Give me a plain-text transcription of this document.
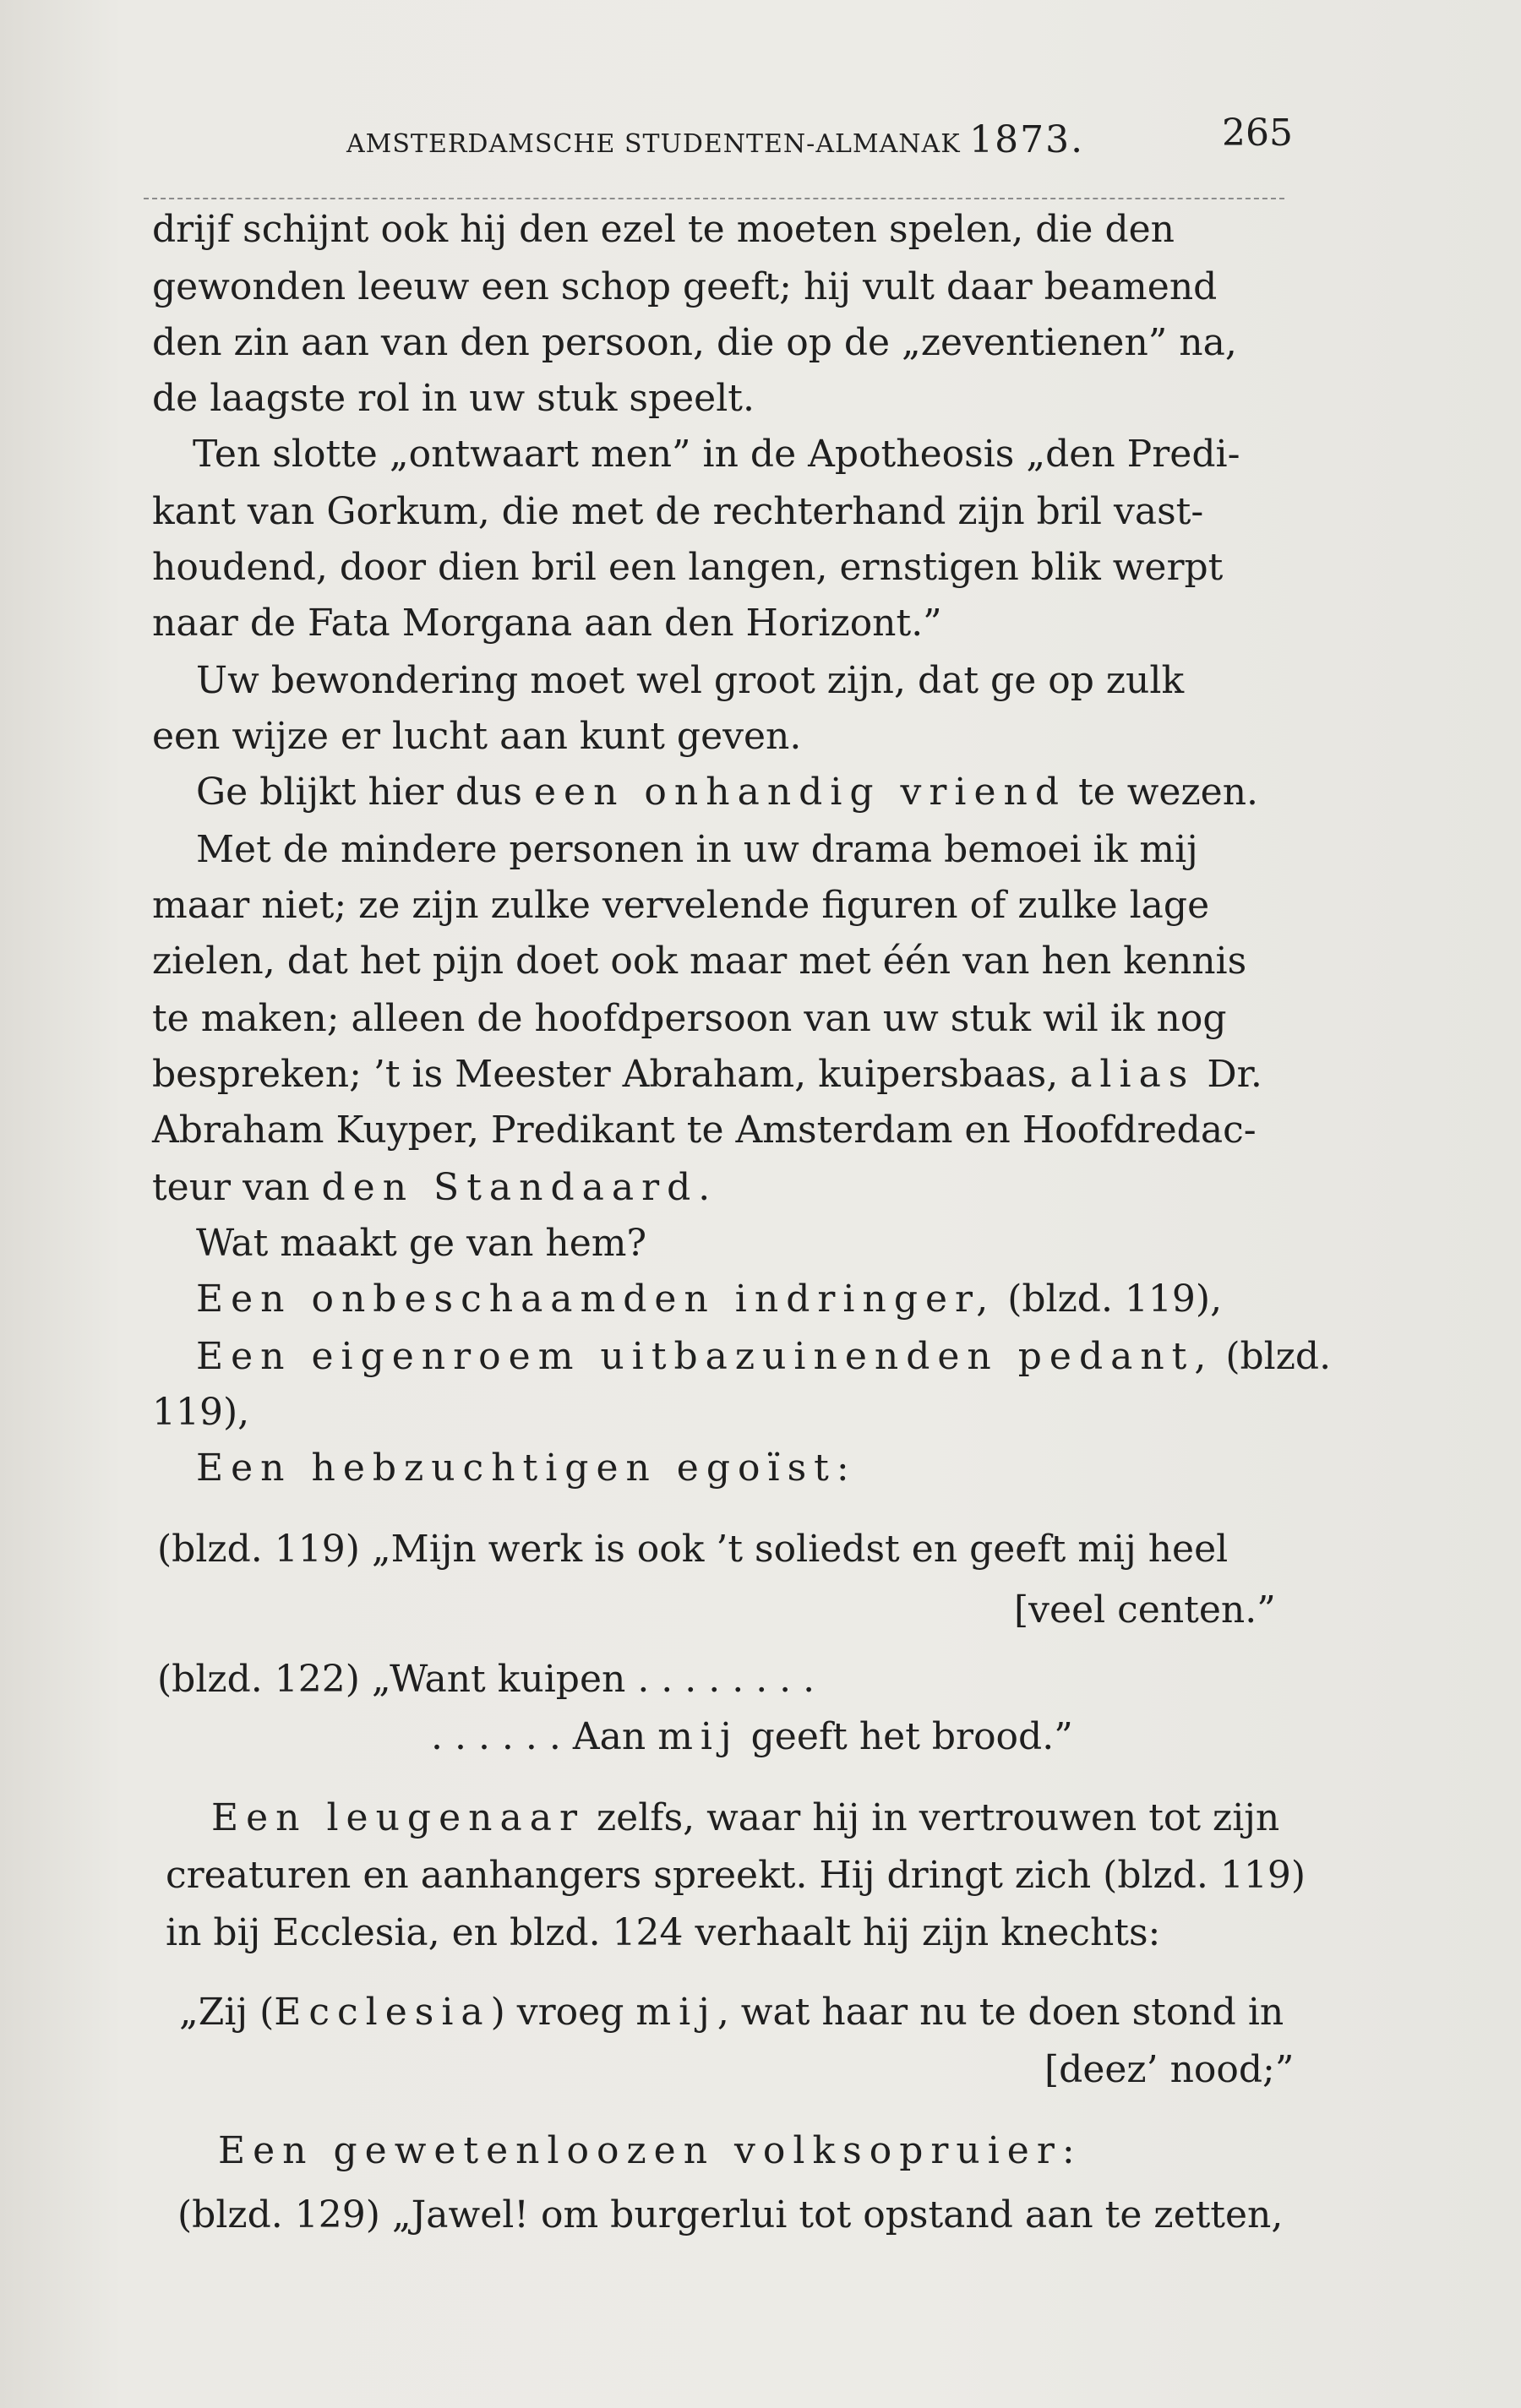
AMSTERDAMSCHE STUDENTEN-ALMANAK 1873.	265
drijf schijnt ook hij den ezel te moeten spelen, die den
gewonden leeuw een schop geeft; hij vult daar beamend
den zin aan van den persoon, die op de „zeventienen” na,
de laagste rol in uw stuk speelt.
Ten slotte „ontwaart men” in de Apotheosis „den Predi-
kant van Gorkum, die met de rechterhand zijn bril vast-
houdend, door dien bril een langen, ernstigen blik werpt
naar de Fata Morgana aan den Horizont.”
Uw bewondering moet wel groot zijn, dat ge op zulk
een wijze er lucht aan kunt geven.
Ge blijkt hier dus een onhandig vriend te wezen.
Met de mindere personen in uw drama bemoei ik mij
maar niet; ze zijn zulke vervelende figuren of zulke lage
zielen, dat het pijn doet ook maar met één van hen kennis
te maken; alleen de hoofdpersoon van uw stuk wil ik nog
bespreken; ’t is Meester Abraham, kuipersbaas, alias Dr.
Abraham Kuyper, Predikant te Amsterdam en Hoofdredac-
teur van den Standaard.
Wat maakt ge van hem?
Een onbeschaamden indringer, (blzd. 119),
Een eigenroem uitbazuinenden pedant, (blzd.
119),
Een hebzuchtigen egoïst:
(blzd. 119) „Mijn werk is ook ’t soliedst en geeft mij heel
[veel centen.”
(blzd. 122) „Want kuipen . . . . . . . .
. . . . . . Aan mij geeft het brood.”
Een leugenaar zelfs, waar hij in vertrouwen tot zijn
creaturen en aanhangers spreekt. Hij dringt zich (blzd. 119)
in bij Ecclesia, en blzd. 124 verhaalt hij zijn knechts:
„Zij (Ecclesia) vroeg mij, wat haar nu te doen stond in
[deez’ nood;”
Een gewetenloozen volksopruier:
(blzd. 129) „Jawel! om burgerlui tot opstand aan te zetten,
